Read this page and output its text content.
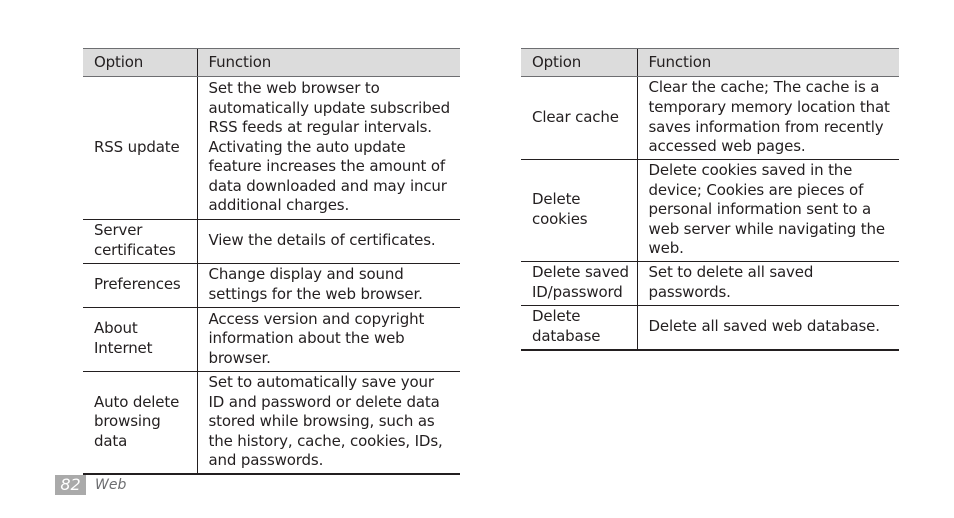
Option	Function
RSS update	Set the web browser to automatically update subscribed RSS feeds at regular intervals. Activating the auto update feature increases the amount of data downloaded and may incur additional charges.
Server certificates	View the details of certificates.
Preferences	Change display and sound settings for the web browser.
About Internet	Access version and copyright information about the web browser.
Auto delete browsing data	Set to automatically save your ID and password or delete data stored while browsing, such as the history, cache, cookies, IDs, and passwords.
Option	Function
Clear cache	Clear the cache; The cache is a temporary memory location that saves information from recently accessed web pages.
Delete cookies	Delete cookies saved in the device; Cookies are pieces of personal information sent to a web server while navigating the web.
Delete saved ID/password	Set to delete all saved passwords.
Delete database	Delete all saved web database.
82	Web
